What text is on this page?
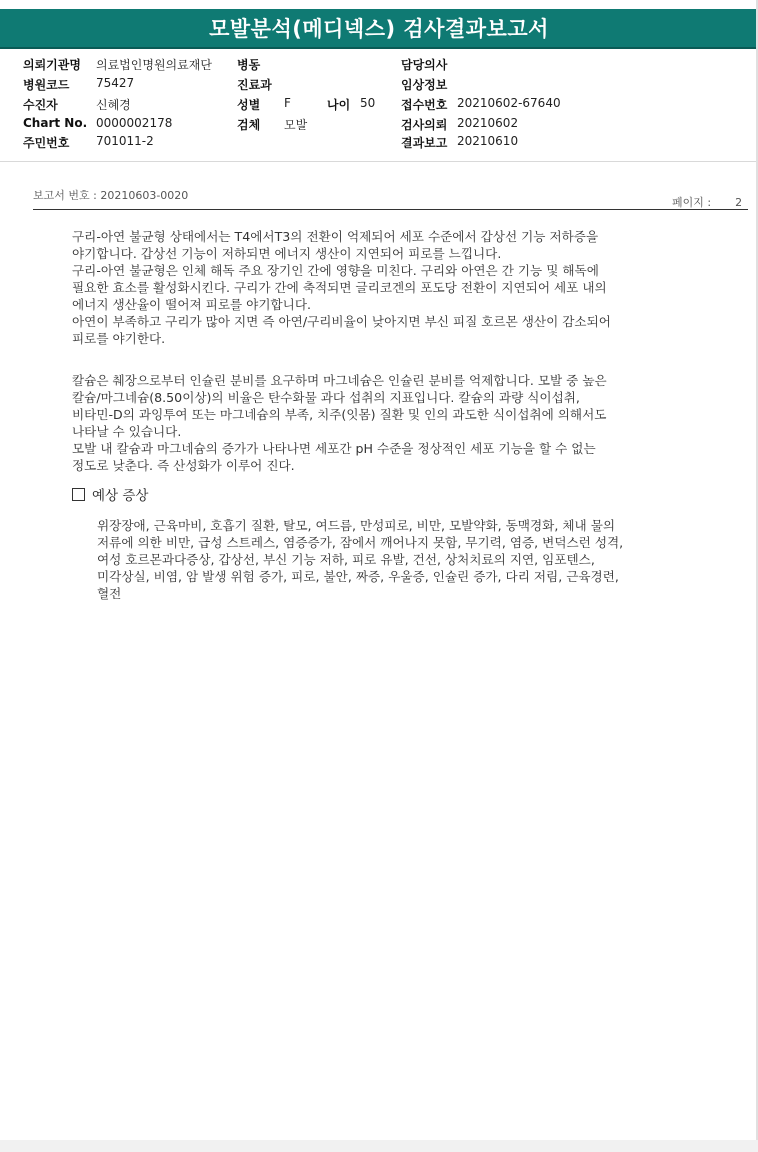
모발분석(메디넥스) 검사결과보고서
의뢰기관명 의료법인명원의료재단
병원코드 75427
수진자	신혜경
Chart No. 0000002178
주민번호 701011-2
병동
진료과
성별 F	나이 50
검체 모발
담당의사
임상정보
접수번호 20210602-67640
검사의뢰 20210602
결과보고 20210610
보고서 번호 : 20210603-0020
페이지 : 2
구리-아연 불균형 상태에서는 T4에서T3의 전환이 억제되어 세포 수준에서 갑상선 기능 저하증을
야기합니다. 갑상선 기능이 저하되면 에너지 생산이 지연되어 피로를 느낍니다.
구리-아연 불균형은 인체 해독 주요 장기인 간에 영향을 미친다. 구리와 아연은 간 기능 및 해독에
필요한 효소를 활성화시킨다. 구리가 간에 축적되면 글리코겐의 포도당 전환이 지연되어 세포 내의
에너지 생산율이 떨어져 피로를 야기합니다.
아연이 부족하고 구리가 많아 지면 즉 아연/구리비율이 낮아지면 부신 피질 호르몬 생산이 감소되어
피로를 야기한다.
칼슘은 췌장으로부터 인슐린 분비를 요구하며 마그네슘은 인슐린 분비를 억제합니다. 모발 중 높은
칼슘/마그네슘(8.50이상)의 비율은 탄수화물 과다 섭취의 지표입니다. 칼슘의 과량 식이섭취,
비타민-D의 과잉투여 또는 마그네슘의 부족, 치주(잇몸) 질환 및 인의 과도한 식이섭취에 의해서도
나타날 수 있습니다.
모발 내 칼슘과 마그네슘의 증가가 나타나면 세포간 pH 수준을 정상적인 세포 기능을 할 수 없는
정도로 낮춘다. 즉 산성화가 이루어 진다.
예상 증상
위장장애, 근육마비, 호흡기 질환, 탈모, 여드름, 만성피로, 비만, 모발약화, 동맥경화, 체내 물의
저류에 의한 비만, 급성 스트레스, 염증증가, 잠에서 깨어나지 못함, 무기력, 염증, 변덕스런 성격,
여성 호르몬과다증상, 갑상선, 부신 기능 저하, 피로 유발, 건선, 상처치료의 지연, 임포텐스,
미각상실, 비염, 암 발생 위험 증가, 피로, 불안, 짜증, 우울증, 인슐린 증가, 다리 저림, 근육경련,
혈전
